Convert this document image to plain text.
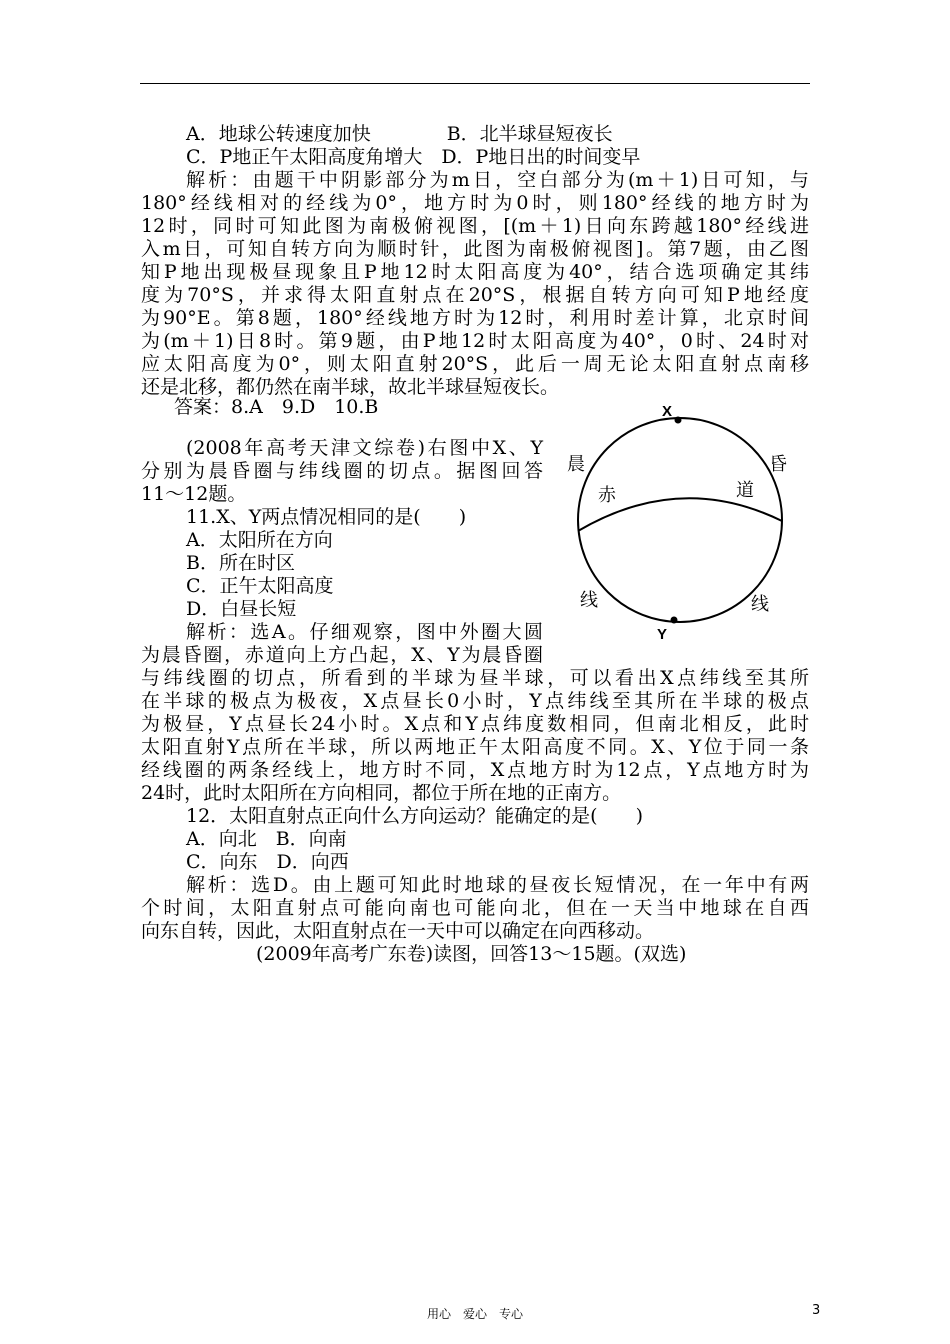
A．地球公转速度加快　　　　B．北半球昼短夜长
C．P地正午太阳高度角增大　D．P地日出的时间变早
解析：由题干中阴影部分为m日，空白部分为(m＋1)日可知，与
180°经线相对的经线为0°，地方时为0时，则180°经线的地方时为
12时，同时可知此图为南极俯视图，[(m＋1)日向东跨越180°经线进
入m日，可知自转方向为顺时针，此图为南极俯视图]。第7题，由乙图
知P地出现极昼现象且P地12时太阳高度为40°，结合选项确定其纬
度为70°S，并求得太阳直射点在20°S，根据自转方向可知P地经度
为90°E。第8题，180°经线地方时为12时，利用时差计算，北京时间
为(m＋1)日8时。第9题，由P地12时太阳高度为40°，0时、24时对
应太阳高度为0°，则太阳直射20°S，此后一周无论太阳直射点南移
还是北移，都仍然在南半球，故北半球昼短夜长。
答案：8.A　9.D　10.B
(2008年高考天津文综卷)右图中X、Y
分别为晨昏圈与纬线圈的切点。据图回答
11～12题。
11.X、Y两点情况相同的是(　　)
A．太阳所在方向
B．所在时区
C．正午太阳高度
D．白昼长短
解析：选A。仔细观察，图中外圈大圆
为晨昏圈，赤道向上方凸起，X、Y为晨昏圈
与纬线圈的切点，所看到的半球为昼半球，可以看出X点纬线至其所
在半球的极点为极夜，X点昼长0小时，Y点纬线至其所在半球的极点
为极昼，Y点昼长24小时。X点和Y点纬度数相同，但南北相反，此时
太阳直射Y点所在半球，所以两地正午太阳高度不同。X、Y位于同一条
经线圈的两条经线上，地方时不同，X点地方时为12点，Y点地方时为
24时，此时太阳所在方向相同，都位于所在地的正南方。
12．太阳直射点正向什么方向运动？能确定的是(　　)
A．向北　B．向南
C．向东　D．向西
解析：选D。由上题可知此时地球的昼夜长短情况，在一年中有两
个时间，太阳直射点可能向南也可能向北，但在一天当中地球在自西
向东自转，因此，太阳直射点在一天中可以确定在向西移动。
(2009年高考广东卷)读图，回答13～15题。(双选)
X
Y
晨	昏
赤	道
线	线
用心　爱心　专心	3
